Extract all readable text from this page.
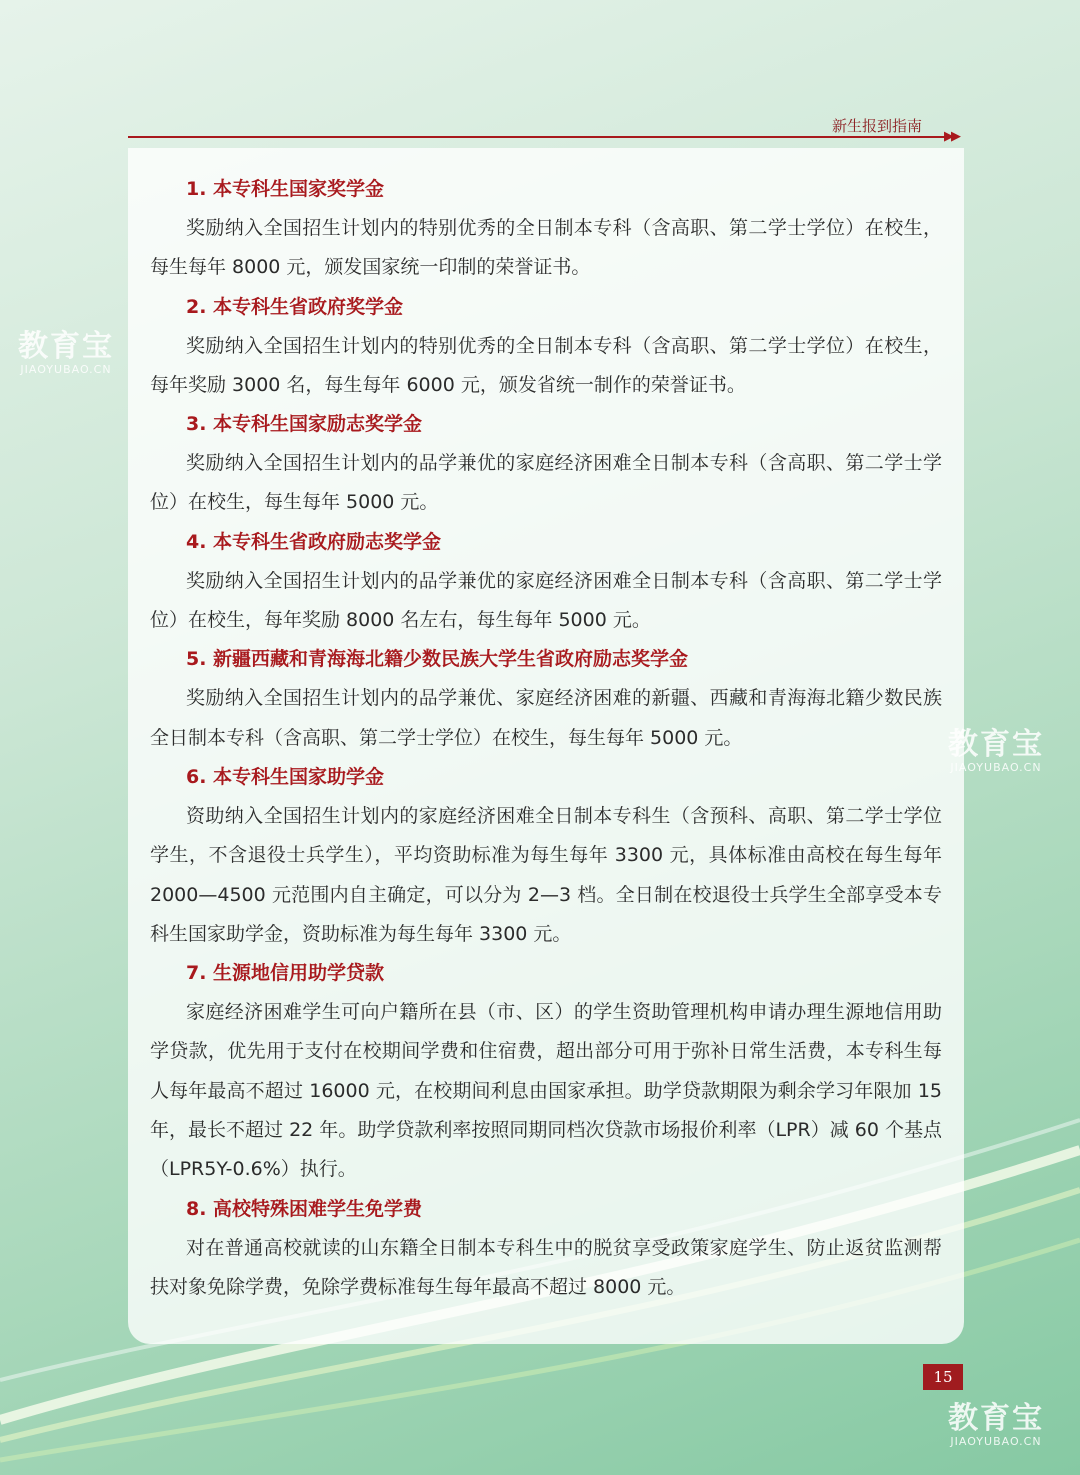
▶▶
新生报到指南
1. 本专科生国家奖学金

奖励纳入全国招生计划内的特别优秀的全日制本专科（含高职、第二学士学位）在校生，每生每年 8000 元，颁发国家统一印制的荣誉证书。

2. 本专科生省政府奖学金

奖励纳入全国招生计划内的特别优秀的全日制本专科（含高职、第二学士学位）在校生，每年奖励 3000 名，每生每年 6000 元，颁发省统一制作的荣誉证书。

3. 本专科生国家励志奖学金

奖励纳入全国招生计划内的品学兼优的家庭经济困难全日制本专科（含高职、第二学士学位）在校生，每生每年 5000 元。

4. 本专科生省政府励志奖学金

奖励纳入全国招生计划内的品学兼优的家庭经济困难全日制本专科（含高职、第二学士学位）在校生，每年奖励 8000 名左右，每生每年 5000 元。

5. 新疆西藏和青海海北籍少数民族大学生省政府励志奖学金

奖励纳入全国招生计划内的品学兼优、家庭经济困难的新疆、西藏和青海海北籍少数民族全日制本专科（含高职、第二学士学位）在校生，每生每年 5000 元。

6. 本专科生国家助学金

资助纳入全国招生计划内的家庭经济困难全日制本专科生（含预科、高职、第二学士学位学生，不含退役士兵学生），平均资助标准为每生每年 3300 元，具体标准由高校在每生每年 2000—4500 元范围内自主确定，可以分为 2—3 档。全日制在校退役士兵学生全部享受本专科生国家助学金，资助标准为每生每年 3300 元。

7. 生源地信用助学贷款

家庭经济困难学生可向户籍所在县（市、区）的学生资助管理机构申请办理生源地信用助学贷款，优先用于支付在校期间学费和住宿费，超出部分可用于弥补日常生活费，本专科生每人每年最高不超过 16000 元，在校期间利息由国家承担。助学贷款期限为剩余学习年限加 15 年，最长不超过 22 年。助学贷款利率按照同期同档次贷款市场报价利率（LPR）减 60 个基点（LPR5Y-0.6%）执行。

8. 高校特殊困难学生免学费

对在普通高校就读的山东籍全日制本专科生中的脱贫享受政策家庭学生、防止返贫监测帮扶对象免除学费，免除学费标准每生每年最高不超过 8000 元。

15
教育宝
JIAOYUBAO.CN
教育宝
JIAOYUBAO.CN
教育宝
JIAOYUBAO.CN
